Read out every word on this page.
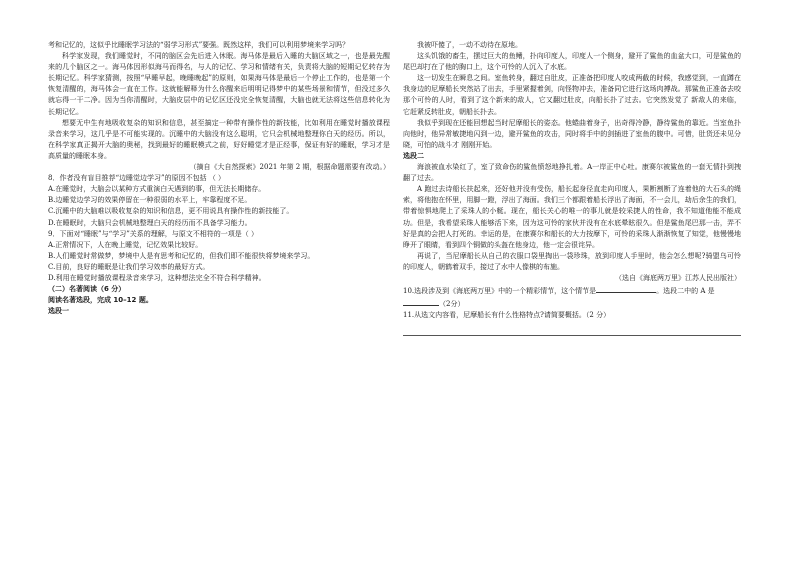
考和记忆的，这似乎比睡眠学习法的“弱学习形式”要强。既然这样，我们可以利用梦境来学习吗？

科学家发现，我们睡觉时，不同的脑区会先后进入休眠。海马体是最后入睡的大脑区域之一，也是最先醒来的几个脑区之一。海马体因形似海马而得名，与人的记忆、学习和情绪有关，负责将大脑的短期记忆转存为长期记忆。科学家猜测，按照“早睡早起，晚睡晚起”的原则，如果海马体是最后一个停止工作的，也是第一个恢复清醒的，海马体会一直在工作。这就能解释为什么你醒来后明明记得梦中的某些场景和情节，但没过多久就忘得一干二净。因为当你清醒时，大脑皮层中的记忆区还没完全恢复清醒，大脑也就无法将这些信息转化为长期记忆。

想要无中生有地吸收复杂的知识和信息，甚至搞定一种带有操作性的新技能，比如利用在睡觉时播放课程录音来学习，这几乎是不可能实现的。沉睡中的大脑没有这么聪明，它只会机械地整理你白天的经历。所以，在科学家真正揭开大脑的奥秘，找到最好的睡眠模式之前，好好睡觉才是正经事，保证有好的睡眠，学习才是高质量的睡眠本身。

（摘自《大自然探索》2021 年第 2 期，根据命题需要有改动。）

8．作者没有盲目推荐“边睡觉边学习”的原因不包括 （ ）

A.在睡觉时，大脑会以某种方式重演白天遇到的事，但无法长期储存。

B.边睡觉边学习的效果停留在一种很弱的水平上，牢靠程度不足。

C.沉睡中的大脑难以吸收复杂的知识和信息，更不用说具有操作性的新技能了。

D.在睡眠时，大脑只会机械地整理白天的经历而不具备学习能力。

9．下面对“睡眠”与“学习”关系的理解，与原文不相符的一项是（ ）

A.正常情况下，人在晚上睡觉，记忆效果比较好。

B.人们睡觉时常做梦，梦境中人是有思考和记忆的，但我们即不能很快将梦境来学习。

C.目前，良好的睡眠是让我们学习效率的最好方式。

D.利用在睡觉时播放课程录音来学习，这种想法完全不符合科学精神。

（二）名著阅读（6 分）

阅读名著选段，完成 10–12 题。

选段一

我被吓傻了，一动不动待在原地。

这头饥饿的畜生，摆过巨大的鱼鳍，扑向印度人，印度人一个侧身，避开了鲨鱼的血盆大口，可是鲨鱼的尾巴却打在了他的胸口上，这个可怜的人沉入了水底。

这一切发生在瞬息之间。室鱼转身，翻过自肚皮，正准备把印度人咬成两截的时候，我感觉到，一直蹲在我身边的尼摩船长突然站了出去，手里紧握着剑，向怪物冲去，准备同它进行这场肉搏战。那鲨鱼正准备去咬那个可怜的人时，看到了这个新来的敌人，它又翻过肚皮，向船长扑了过去。它突然发觉了 新敌人的来临，它赶紧反转肚皮，朝船长扑去。

我似乎到现在还能回想起当时尼摩船长的姿态。他蜷曲着身子，出奇得冷静，静待鲨鱼的靠近。当室鱼扑向他时，他异常敏捷地闪到一边，避开鲨鱼的攻击，同时将手中的剑插进了室鱼的腹中。可惜，肚货还未见分晓，可怕的战斗才 刚刚开始。

选段二

海浪被血水染红了，室了致命伤的鲨鱼愤怒地挣扎着。A一岸正中心吐。康赛尔被鲨鱼的一套无情扑到拽翻了过去。

A 跑过去诗船长扶起来，还好他并没有受伤，船长起身径直走向印度人，果断割断了连着他的大石头的绳索，将他抱在怀里，用脚一蹬，浮出了海面。我们三个都跟着船长浮出了海面，不一会儿，劫后余生的我们，带着惊惧地爬上了采珠人的小艇。现在，船长关心的唯一的事儿就是较采捷人的性命，我不知道他能不能成功。但是，我希望采珠人能够活下来，因为这可怜的家伙并没有在水底晕眩很久。但是鲨鱼尾巴那一击，弄不好是真的会把人打死的。幸运的是，在康赛尔和船长的大力按摩下，可怜的采珠人渐渐恢复了知觉，他慢慢地睁开了眼睛，看到四个铜做的头盔在他身边，他一定会很诧异。

再说了，当尼摩船长从自己的衣服口袋里掏出一袋珍珠，放到印度人手里时，他会怎么想呢?骑盟乌可怜的印度人，朝鹤着双手，接过了水中人像棋的布施。

（选自《海底两万里》江苏人民出版社）

10.选段涉及到《海底两万里》中的一个精彩情节，这个情节是	。选段二中的 A 是（2分）

11.从选文内容看，尼摩船长有什么性格特点?请简要概括。（2 分）
